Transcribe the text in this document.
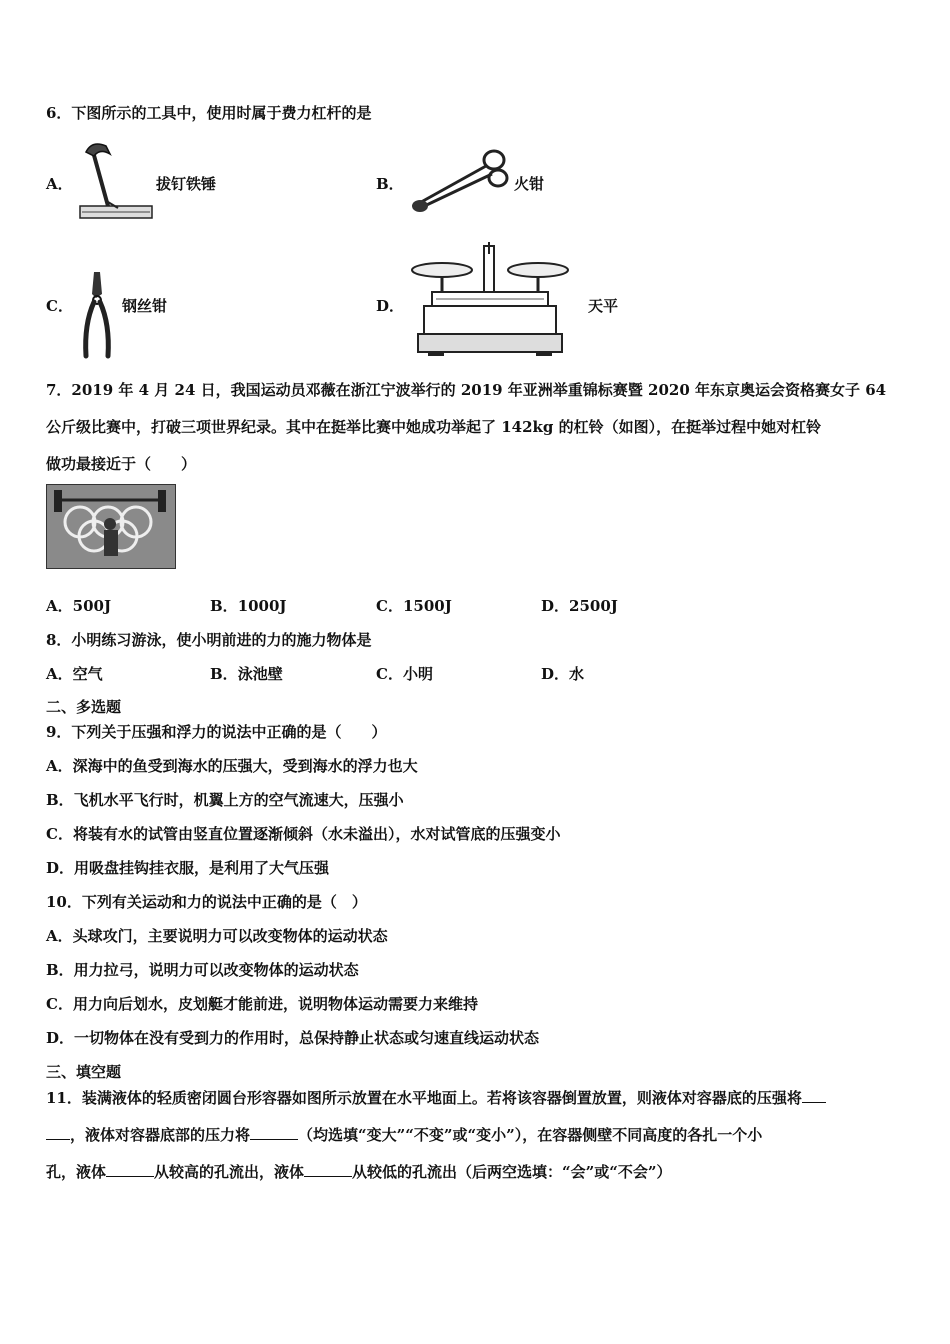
6．下图所示的工具中，使用时属于费力杠杆的是
A．	拔钉铁锤	B．	火钳
C．	钢丝钳	D．	天平
7．2019 年 4 月 24 日，我国运动员邓薇在浙江宁波举行的 2019 年亚洲举重锦标赛暨 2020 年东京奥运会资格赛女子 64
公斤级比赛中，打破三项世界纪录。其中在挺举比赛中她成功举起了 142kg 的杠铃（如图），在挺举过程中她对杠铃
做功最接近于（　　）
A．500J	B．1000J	C．1500J	D．2500J
8．小明练习游泳，使小明前进的力的施力物体是
A．空气	B．泳池壁	C．小明	D．水
二、多选题
9．下列关于压强和浮力的说法中正确的是（　　）
A．深海中的鱼受到海水的压强大，受到海水的浮力也大
B．飞机水平飞行时，机翼上方的空气流速大，压强小
C．将装有水的试管由竖直位置逐渐倾斜（水未溢出），水对试管底的压强变小
D．用吸盘挂钩挂衣服，是利用了大气压强
10．下列有关运动和力的说法中正确的是（　）
A．头球攻门，主要说明力可以改变物体的运动状态
B．用力拉弓，说明力可以改变物体的运动状态
C．用力向后划水，皮划艇才能前进，说明物体运动需要力来维持
D．一切物体在没有受到力的作用时，总保持静止状态或匀速直线运动状态
三、填空题
11．装满液体的轻质密闭圆台形容器如图所示放置在水平地面上。若将该容器倒置放置，则液体对容器底的压强将
，液体对容器底部的压力将	（均选填“变大”“不变”或“变小”），在容器侧壁不同高度的各扎一个小
孔，液体	从较高的孔流出，液体	从较低的孔流出（后两空选填：“会”或“不会”）
